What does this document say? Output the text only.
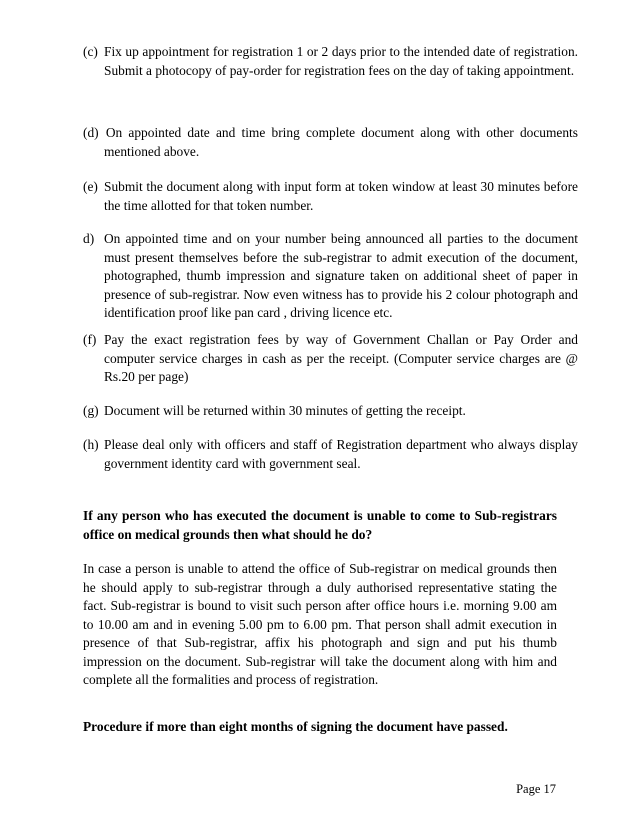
(c) Fix up appointment for registration 1 or 2 days prior to the intended date of registration. Submit a photocopy of pay-order for registration fees on the day of taking appointment.
(d) On appointed date and time bring complete document along with other documents mentioned above.
(e) Submit the document along with input form at token window at least 30 minutes before the time allotted for that token number.
d) On appointed time and on your number being announced all parties to the document must present themselves before the sub-registrar to admit execution of the document, photographed, thumb impression and signature taken on additional sheet of paper in presence of sub-registrar. Now even witness has to provide his 2 colour photograph and identification proof like pan card , driving licence etc.
(f) Pay the exact registration fees by way of Government Challan or Pay Order and computer service charges in cash as per the receipt. (Computer service charges are @ Rs.20 per page)
(g) Document will be returned within 30 minutes of getting the receipt.
(h) Please deal only with officers and staff of Registration department who always display government identity card with government seal.
If any person who has executed the document is unable to come to Sub-registrars office on medical grounds then what should he do?
In case a person is unable to attend the office of Sub-registrar on medical grounds then he should apply to sub-registrar through a duly authorised representative stating the fact. Sub-registrar is bound to visit such person after office hours i.e. morning 9.00 am to 10.00 am and in evening 5.00 pm to 6.00 pm. That person shall admit execution in presence of that Sub-registrar, affix his photograph and sign and put his thumb impression on the document. Sub-registrar will take the document along with him and complete all the formalities and process of registration.
Procedure if more than eight months of signing the document have passed.
Page 17
